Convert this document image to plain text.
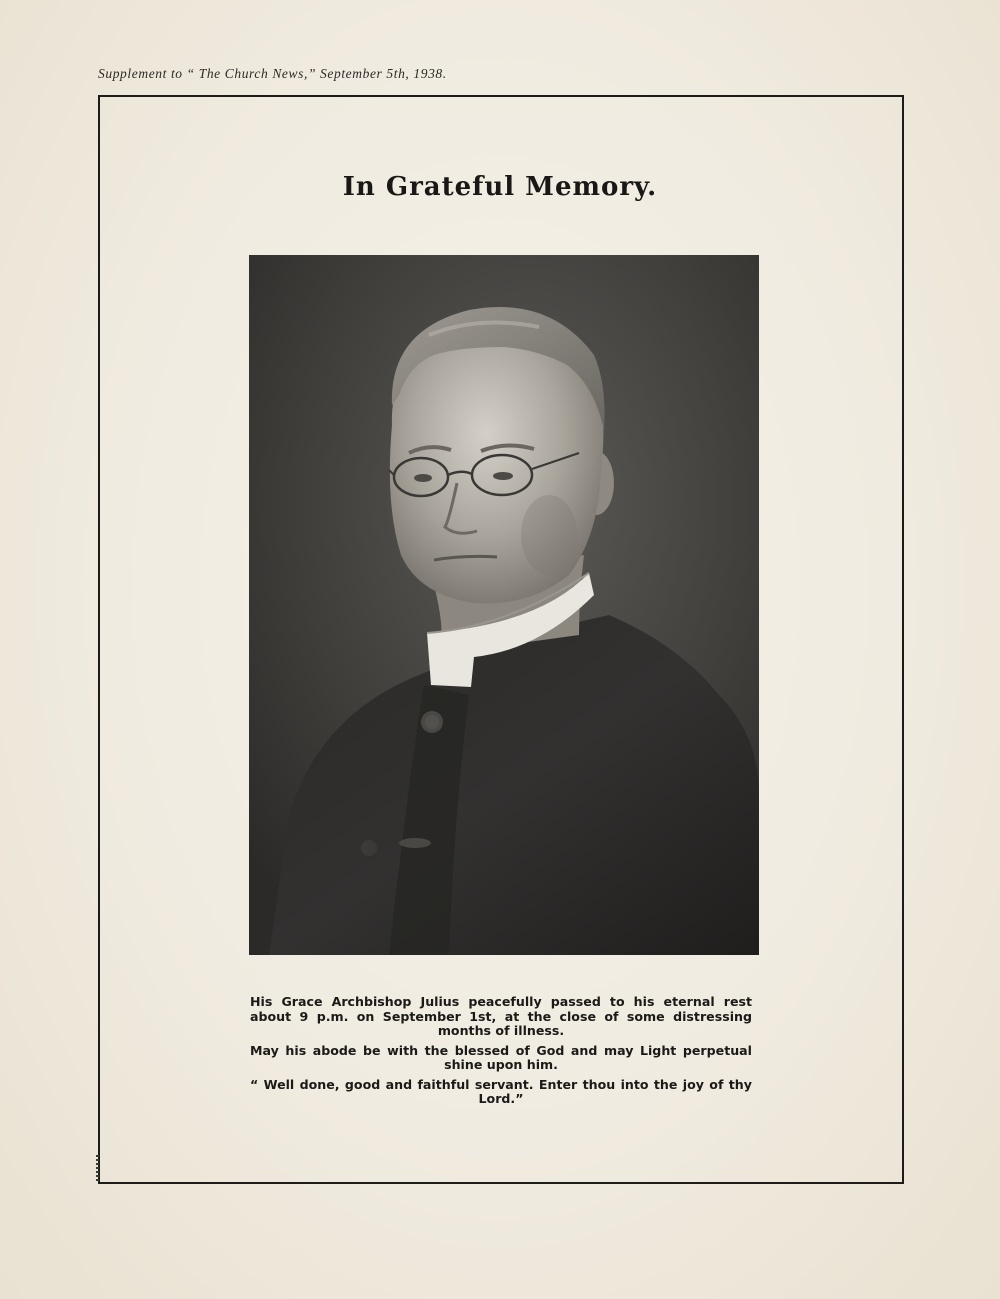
Supplement to “ The Church News,” September 5th, 1938.
In Grateful Memory.

His Grace Archbishop Julius peacefully passed to his eternal rest about 9 p.m. on September 1st, at the close of some distressing months of illness.

May his abode be with the blessed of God and may Light perpetual shine upon him.

“ Well done, good and faithful servant. Enter thou into the joy of thy Lord.”
